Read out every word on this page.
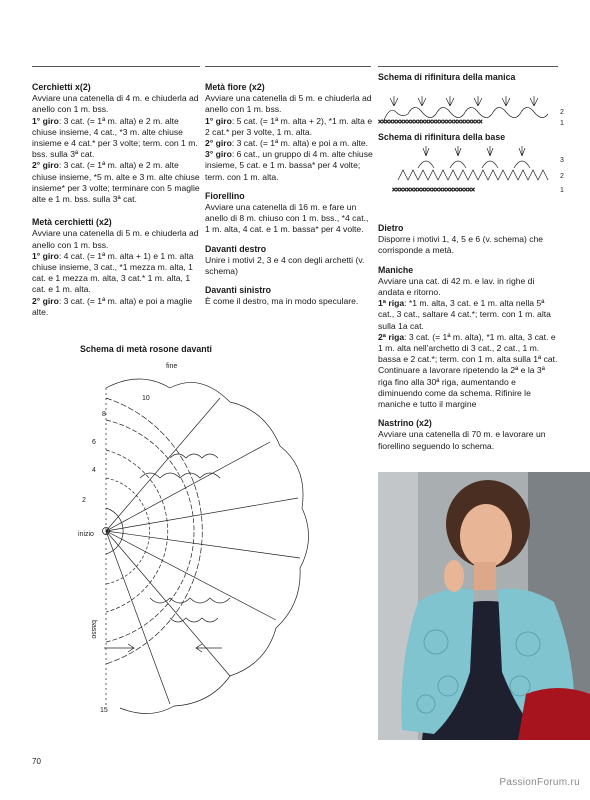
Cerchietti x(2)
Avviare una catenella di 4 m. e chiuderla ad anello con 1 m. bss.
1° giro: 3 cat. (= 1ª m. alta) e 2 m. alte chiuse insieme, 4 cat., *3 m. alte chiuse insieme e 4 cat.* per 3 volte; term. con 1 m. bss. sulla 3ª cat.
2° giro: 3 cat. (= 1ª m. alta) e 2 m. alte chiuse insieme, *5 m. alte e 3 m. alte chiuse insieme* per 3 volte; terminare con 5 maglie alte e 1 m. bss. sulla 3ª cat.
Metà cerchietti (x2)
Avviare una catenella di 5 m. e chiuderla ad anello con 1 m. bss.
1° giro: 4 cat. (= 1ª m. alta + 1) e 1 m. alta chiuse insieme, 3 cat., *1 mezza m. alta, 1 cat. e 1 mezza m. alta, 3 cat.* 1 m. alta, 1 cat. e 1 m. alta.
2° giro: 3 cat. (= 1ª m. alta) e poi a maglie alte.
Metà fiore (x2)
Avviare una catenella di 5 m. e chiuderla ad anello con 1 m. bss.
1° giro: 5 cat. (= 1ª m. alta + 2), *1 m. alta e 2 cat.* per 3 volte, 1 m. alta.
2° giro: 3 cat. (= 1ª m. alta) e poi a m. alte.
3° giro: 6 cat., un gruppo di 4 m. alte chiuse insieme, 5 cat. e 1 m. bassa* per 4 volte; term. con 1 m. alta.
Fiorellino
Avviare una catenella di 16 m. e fare un anello di 8 m. chiuso con 1 m. bss., *4 cat., 1 m. alta, 4 cat. e 1 m. bassa* per 4 volte.
Davanti destro
Unire i motivi 2, 3 e 4 con degli archetti (v. schema)
Davanti sinistro
È come il destro, ma in modo speculare.
Dietro
Disporre i motivi 1, 4, 5 e 6 (v. schema) che corrisponde a metà.
Maniche
Avviare una cat. di 42 m. e lav. in righe di andata e ritorno.
1ª riga: *1 m. alta, 3 cat. e 1 m. alta nella 5ª cat., 3 cat., saltare 4 cat.*; term. con 1 m. alta sulla 1a cat.
2ª riga: 3 cat. (= 1ª m. alta), *1 m. alta, 3 cat. e 1 m. alta nell'archetto di 3 cat., 2 cat., 1 m. bassa e 2 cat.*; term. con 1 m. alta sulla 1ª cat.
Continuare a lavorare ripetendo la 2ª e la 3ª riga fino alla 30ª riga, aumentando e diminuendo come da schema. Rifinire le maniche e tutto il margine
Nastrino (x2)
Avviare una catenella di 70 m. e lavorare un fiorellino seguendo lo schema.
Schema di rifinitura della manica
×××××××××××××××××××××××××××××
2
1
Schema di rifinitura della base
×××××××××××××××××××××××
3
2
1
Schema di metà rosone davanti
fine
inizio
basso
10
8
6
4
2
15
70
PassionForum.ru
